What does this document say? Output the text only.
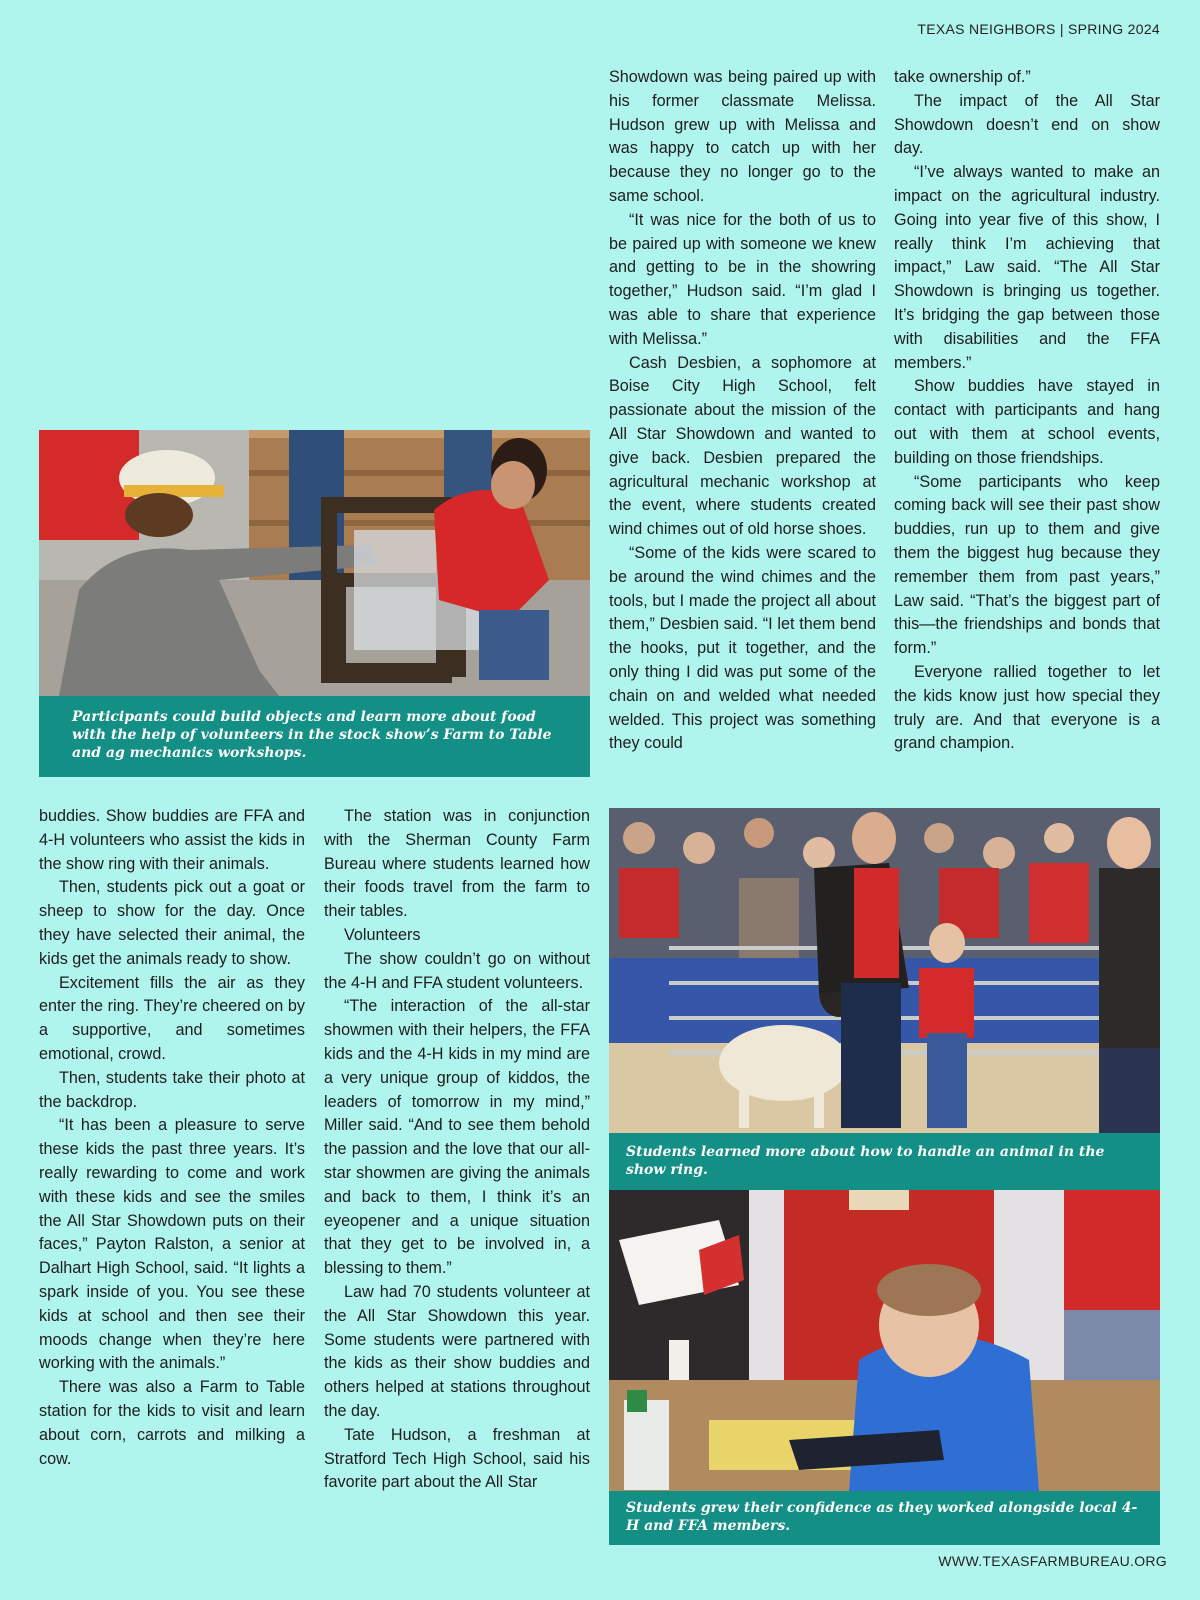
TEXAS NEIGHBORS | SPRING 2024
Participants could build objects and learn more about food with the help of volunteers in the stock show’s Farm to Table and ag mechanics workshops.
Students learned more about how to handle an animal in the show ring.
Students grew their confidence as they worked alongside local 4-H and FFA members.

Showdown was being paired up with his former classmate Melissa. Hudson grew up with Melissa and was happy to catch up with her because they no longer go to the same school.

“It was nice for the both of us to be paired up with someone we knew and getting to be in the showring together,” Hudson said. “I’m glad I was able to share that experience with Melissa.”

Cash Desbien, a sophomore at Boise City High School, felt passionate about the mission of the All Star Showdown and wanted to give back. Desbien prepared the agricultural mechanic workshop at the event, where students created wind chimes out of old horse shoes.

“Some of the kids were scared to be around the wind chimes and the tools, but I made the project all about them,” Desbien said. “I let them bend the hooks, put it together, and the only thing I did was put some of the chain on and welded what needed welded. This project was something they could

take ownership of.”

The impact of the All Star Showdown doesn’t end on show day.

“I’ve always wanted to make an impact on the agricultural industry. Going into year five of this show, I really think I’m achieving that impact,” Law said. “The All Star Showdown is bringing us together. It’s bridging the gap between those with disabilities and the FFA members.”

Show buddies have stayed in contact with participants and hang out with them at school events, building on those friendships.

“Some participants who keep coming back will see their past show buddies, run up to them and give them the biggest hug because they remember them from past years,” Law said. “That’s the biggest part of this—the friendships and bonds that form.”

Everyone rallied together to let the kids know just how special they truly are. And that everyone is a grand champion.

buddies. Show buddies are FFA and 4-H volunteers who assist the kids in the show ring with their animals.

Then, students pick out a goat or sheep to show for the day. Once they have selected their animal, the kids get the animals ready to show.

Excitement fills the air as they enter the ring. They’re cheered on by a supportive, and sometimes emotional, crowd.

Then, students take their photo at the backdrop.

“It has been a pleasure to serve these kids the past three years. It’s really rewarding to come and work with these kids and see the smiles the All Star Showdown puts on their faces,” Payton Ralston, a senior at Dalhart High School, said. “It lights a spark inside of you. You see these kids at school and then see their moods change when they’re here working with the animals.”

There was also a Farm to Table station for the kids to visit and learn about corn, carrots and milking a cow.

The station was in conjunction with the Sherman County Farm Bureau where students learned how their foods travel from the farm to their tables.

Volunteers

The show couldn’t go on without the 4-H and FFA student volunteers.

“The interaction of the all-star showmen with their helpers, the FFA kids and the 4-H kids in my mind are a very unique group of kiddos, the leaders of tomorrow in my mind,” Miller said. “And to see them behold the passion and the love that our all-star showmen are giving the animals and back to them, I think it’s an eyeopener and a unique situation that they get to be involved in, a blessing to them.”

Law had 70 students volunteer at the All Star Showdown this year. Some students were partnered with the kids as their show buddies and others helped at stations throughout the day.

Tate Hudson, a freshman at Stratford Tech High School, said his favorite part about the All Star

WWW.TEXASFARMBUREAU.ORG
